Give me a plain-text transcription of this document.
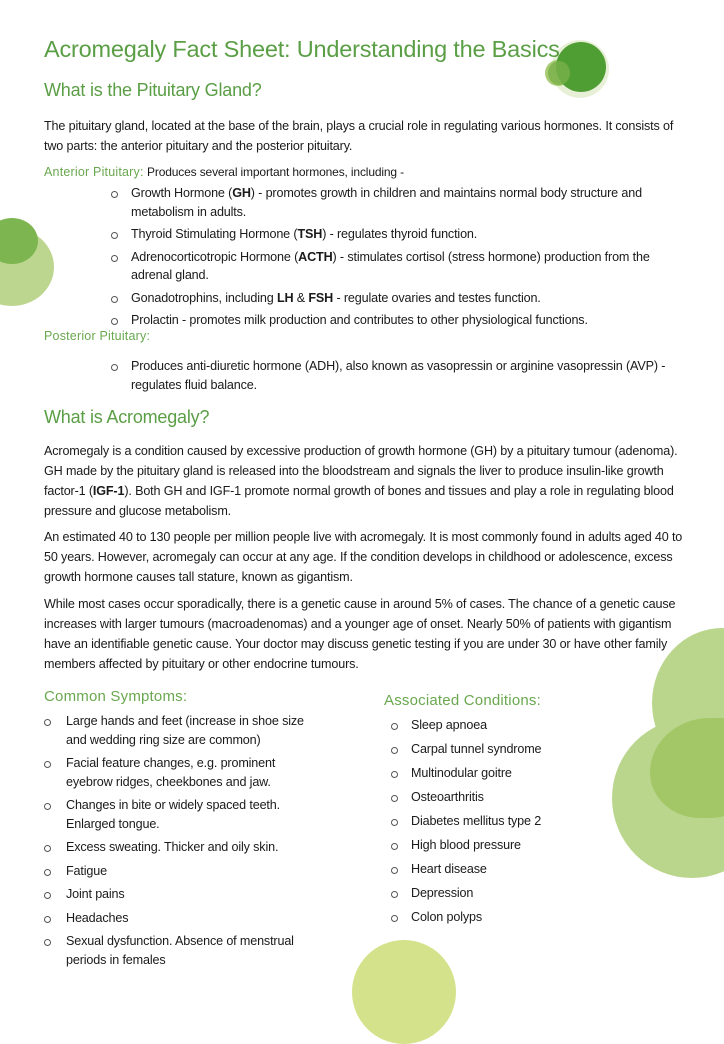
Acromegaly Fact Sheet: Understanding the Basics
What is the Pituitary Gland?

The pituitary gland, located at the base of the brain, plays a crucial role in regulating various hormones. It consists of two parts: the anterior pituitary and the posterior pituitary.

Anterior Pituitary: Produces several important hormones, including -
Growth Hormone (GH) - promotes growth in children and maintains normal body structure and metabolism in adults.
Thyroid Stimulating Hormone (TSH) - regulates thyroid function.
Adrenocorticotropic Hormone (ACTH) - stimulates cortisol (stress hormone) production from the adrenal gland.
Gonadotrophins, including LH & FSH - regulate ovaries and testes function.
Prolactin - promotes milk production and contributes to other physiological functions.
Posterior Pituitary:
Produces anti-diuretic hormone (ADH), also known as vasopressin or arginine vasopressin (AVP) - regulates fluid balance.
What is Acromegaly?

Acromegaly is a condition caused by excessive production of growth hormone (GH) by a pituitary tumour (adenoma). GH made by the pituitary gland is released into the bloodstream and signals the liver to produce insulin-like growth factor-1 (IGF-1). Both GH and IGF-1 promote normal growth of bones and tissues and play a role in regulating blood pressure and glucose metabolism.

An estimated 40 to 130 people per million people live with acromegaly. It is most commonly found in adults aged 40 to 50 years. However, acromegaly can occur at any age. If the condition develops in childhood or adolescence, excess growth hormone causes tall stature, known as gigantism.

While most cases occur sporadically, there is a genetic cause in around 5% of cases. The chance of a genetic cause increases with larger tumours (macroadenomas) and a younger age of onset. Nearly 50% of patients with gigantism have an identifiable genetic cause. Your doctor may discuss genetic testing if you are under 30 or have other family members affected by pituitary or other endocrine tumours.

Common Symptoms:
Large hands and feet (increase in shoe size and wedding ring size are common)
Facial feature changes, e.g. prominent eyebrow ridges, cheekbones and jaw.
Changes in bite or widely spaced teeth. Enlarged tongue.
Excess sweating. Thicker and oily skin.
Fatigue
Joint pains
Headaches
Sexual dysfunction. Absence of menstrual periods in females
Associated Conditions:
Sleep apnoea
Carpal tunnel syndrome
Multinodular goitre
Osteoarthritis
Diabetes mellitus type 2
High blood pressure
Heart disease
Depression
Colon polyps
